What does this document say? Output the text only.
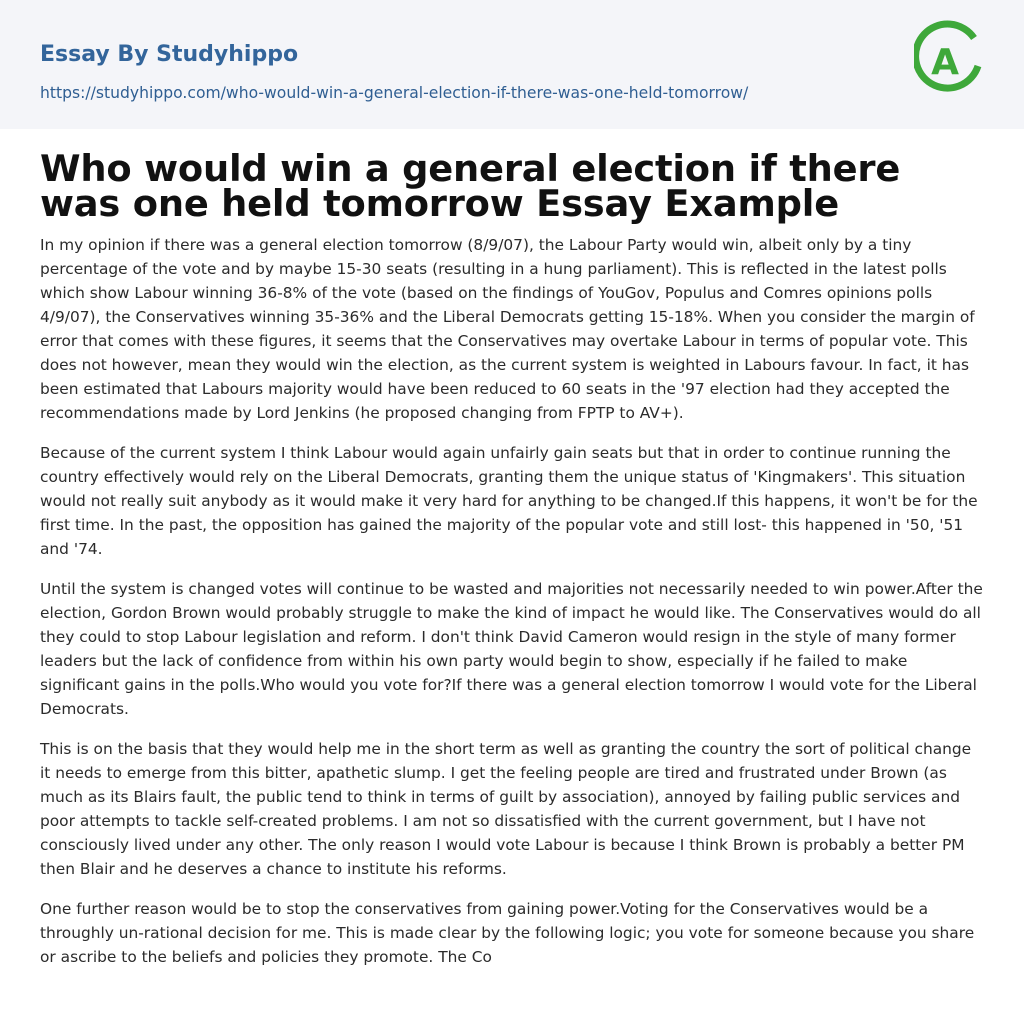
Essay By Studyhippo
https://studyhippo.com/who-would-win-a-general-election-if-there-was-one-held-tomorrow/
A
Who would win a general election if there was one held tomorrow Essay Example

In my opinion if there was a general election tomorrow (8/9/07), the Labour Party would win, albeit only by a tiny percentage of the vote and by maybe 15-30 seats (resulting in a hung parliament). This is reflected in the latest polls which show Labour winning 36-8% of the vote (based on the findings of YouGov, Populus and Comres opinions polls 4/9/07), the Conservatives winning 35-36% and the Liberal Democrats getting 15-18%. When you consider the margin of error that comes with these figures, it seems that the Conservatives may overtake Labour in terms of popular vote. This does not however, mean they would win the election, as the current system is weighted in Labours favour. In fact, it has been estimated that Labours majority would have been reduced to 60 seats in the '97 election had they accepted the recommendations made by Lord Jenkins (he proposed changing from FPTP to AV+).

Because of the current system I think Labour would again unfairly gain seats but that in order to continue running the country effectively would rely on the Liberal Democrats, granting them the unique status of 'Kingmakers'. This situation would not really suit anybody as it would make it very hard for anything to be changed.If this happens, it won't be for the first time. In the past, the opposition has gained the majority of the popular vote and still lost- this happened in '50, '51 and '74.

Until the system is changed votes will continue to be wasted and majorities not necessarily needed to win power.After the election, Gordon Brown would probably struggle to make the kind of impact he would like. The Conservatives would do all they could to stop Labour legislation and reform. I don't think David Cameron would resign in the style of many former leaders but the lack of confidence from within his own party would begin to show, especially if he failed to make significant gains in the polls.Who would you vote for?If there was a general election tomorrow I would vote for the Liberal Democrats.

This is on the basis that they would help me in the short term as well as granting the country the sort of political change it needs to emerge from this bitter, apathetic slump. I get the feeling people are tired and frustrated under Brown (as much as its Blairs fault, the public tend to think in terms of guilt by association), annoyed by failing public services and poor attempts to tackle self-created problems. I am not so dissatisfied with the current government, but I have not consciously lived under any other. The only reason I would vote Labour is because I think Brown is probably a better PM then Blair and he deserves a chance to institute his reforms.

One further reason would be to stop the conservatives from gaining power.Voting for the Conservatives would be a throughly un-rational decision for me. This is made clear by the following logic; you vote for someone because you share or ascribe to the beliefs and policies they promote. The Co
